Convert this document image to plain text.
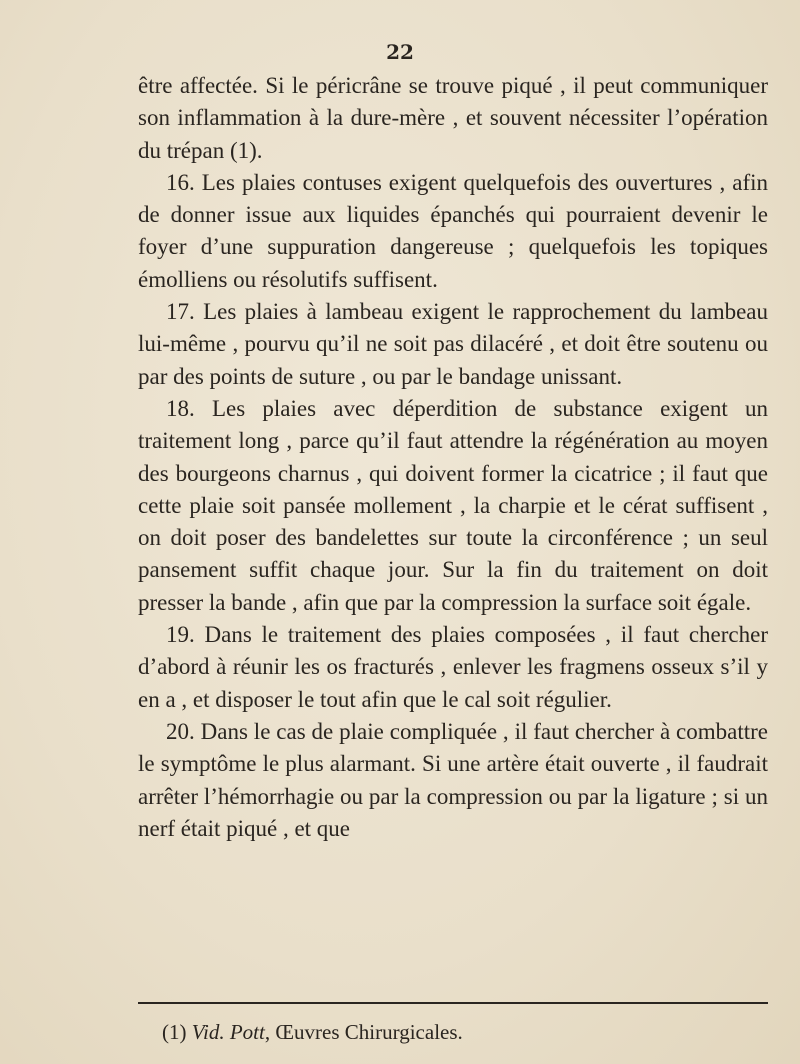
22

être affectée. Si le péricrâne se trouve piqué , il peut communiquer son inflammation à la dure-mère , et souvent nécessiter l’opération du trépan (1).

16. Les plaies contuses exigent quelquefois des ouvertures , afin de donner issue aux liquides épanchés qui pourraient devenir le foyer d’une suppuration dangereuse ; quelquefois les topiques émolliens ou résolutifs suffisent.

17. Les plaies à lambeau exigent le rapprochement du lambeau lui-même , pourvu qu’il ne soit pas dilacéré , et doit être soutenu ou par des points de suture , ou par le bandage unissant.

18. Les plaies avec déperdition de substance exigent un traitement long , parce qu’il faut attendre la régénération au moyen des bourgeons charnus , qui doivent former la cicatrice ; il faut que cette plaie soit pansée mollement , la charpie et le cérat suffisent , on doit poser des bandelettes sur toute la circonférence ; un seul pansement suffit chaque jour. Sur la fin du traitement on doit presser la bande , afin que par la compression la surface soit égale.

19. Dans le traitement des plaies composées , il faut chercher d’abord à réunir les os fracturés , enlever les fragmens osseux s’il y en a , et disposer le tout afin que le cal soit régulier.

20. Dans le cas de plaie compliquée , il faut chercher à combattre le symptôme le plus alarmant. Si une artère était ouverte , il faudrait arrêter l’hémorrhagie ou par la compression ou par la ligature ; si un nerf était piqué , et que

(1) Vid. Pott, Œuvres Chirurgicales.
